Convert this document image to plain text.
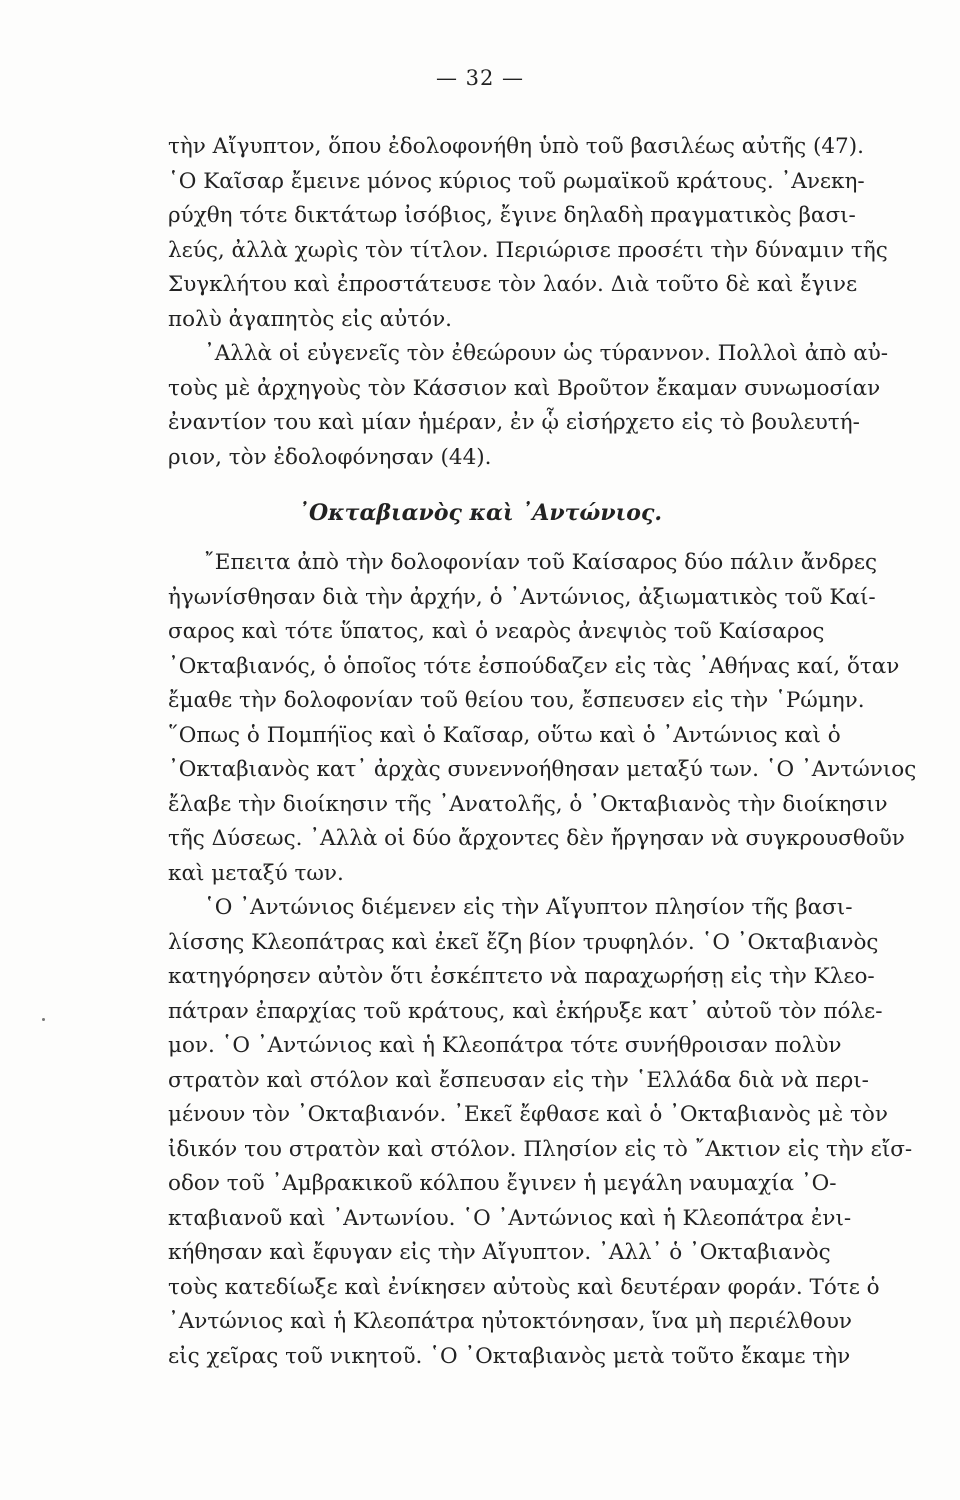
— 32 —
τὴν Αἴγυπτον, ὅπου ἐδολοφονήθη ὑπὸ τοῦ βασιλέως αὐτῆς (47).
῾Ο Καῖσαρ ἔμεινε μόνος κύριος τοῦ ρωμαϊκοῦ κράτους. ᾿Ανεκη-
ρύχθη τότε δικτάτωρ ἰσόβιος, ἔγινε δηλαδὴ πραγματικὸς βασι-
λεύς, ἀλλὰ χωρὶς τὸν τίτλον. Περιώρισε προσέτι τὴν δύναμιν τῆς
Συγκλήτου καὶ ἐπροστάτευσε τὸν λαόν. Διὰ τοῦτο δὲ καὶ ἔγινε
πολὺ ἀγαπητὸς εἰς αὐτόν.
᾿Αλλὰ οἱ εὐγενεῖς τὸν ἐθεώρουν ὡς τύραννον. Πολλοὶ ἀπὸ αὐ-
τοὺς μὲ ἀρχηγοὺς τὸν Κάσσιον καὶ Βροῦτον ἔκαμαν συνωμοσίαν
ἐναντίον του καὶ μίαν ἡμέραν, ἐν ᾧ εἰσήρχετο εἰς τὸ βουλευτή-
ριον, τὸν ἐδολοφόνησαν (44).
᾿Οκταβιανὸς καὶ ᾿Αντώνιος.
῎Επειτα ἀπὸ τὴν δολοφονίαν τοῦ Καίσαρος δύο πάλιν ἄνδρες
ἠγωνίσθησαν διὰ τὴν ἀρχήν, ὁ ᾿Αντώνιος, ἀξιωματικὸς τοῦ Καί-
σαρος καὶ τότε ὕπατος, καὶ ὁ νεαρὸς ἀνεψιὸς τοῦ Καίσαρος
᾿Οκταβιανός, ὁ ὁποῖος τότε ἐσπούδαζεν εἰς τὰς ᾿Αθήνας καί, ὅταν
ἔμαθε τὴν δολοφονίαν τοῦ θείου του, ἔσπευσεν εἰς τὴν ῾Ρώμην.
῞Οπως ὁ Πομπήϊος καὶ ὁ Καῖσαρ, οὕτω καὶ ὁ ᾿Αντώνιος καὶ ὁ
᾿Οκταβιανὸς κατ᾿ ἀρχὰς συνεννοήθησαν μεταξύ των. ῾Ο ᾿Αντώνιος
ἔλαβε τὴν διοίκησιν τῆς ᾿Ανατολῆς, ὁ ᾿Οκταβιανὸς τὴν διοίκησιν
τῆς Δύσεως. ᾿Αλλὰ οἱ δύο ἄρχοντες δὲν ἤργησαν νὰ συγκρουσθοῦν
καὶ μεταξύ των.
῾Ο ᾿Αντώνιος διέμενεν εἰς τὴν Αἴγυπτον πλησίον τῆς βασι-
λίσσης Κλεοπάτρας καὶ ἐκεῖ ἔζη βίον τρυφηλόν. ῾Ο ᾿Οκταβιανὸς
κατηγόρησεν αὐτὸν ὅτι ἐσκέπτετο νὰ παραχωρήσῃ εἰς τὴν Κλεο-
πάτραν ἐπαρχίας τοῦ κράτους, καὶ ἐκήρυξε κατ᾿ αὐτοῦ τὸν πόλε-
μον. ῾Ο ᾿Αντώνιος καὶ ἡ Κλεοπάτρα τότε συνήθροισαν πολὺν
στρατὸν καὶ στόλον καὶ ἔσπευσαν εἰς τὴν ῾Ελλάδα διὰ νὰ περι-
μένουν τὸν ᾿Οκταβιανόν. ᾿Εκεῖ ἔφθασε καὶ ὁ ᾿Οκταβιανὸς μὲ τὸν
ἰδικόν του στρατὸν καὶ στόλον. Πλησίον εἰς τὸ ῎Ακτιον εἰς τὴν εἴσ-
οδον τοῦ ᾿Αμβρακικοῦ κόλπου ἔγινεν ἡ μεγάλη ναυμαχία ᾿Ο-
κταβιανοῦ καὶ ᾿Αντωνίου. ῾Ο ᾿Αντώνιος καὶ ἡ Κλεοπάτρα ἐνι-
κήθησαν καὶ ἔφυγαν εἰς τὴν Αἴγυπτον. ᾿Αλλ᾿ ὁ ᾿Οκταβιανὸς
τοὺς κατεδίωξε καὶ ἐνίκησεν αὐτοὺς καὶ δευτέραν φοράν. Τότε ὁ
᾿Αντώνιος καὶ ἡ Κλεοπάτρα ηὐτοκτόνησαν, ἵνα μὴ περιέλθουν
εἰς χεῖρας τοῦ νικητοῦ. ῾Ο ᾿Οκταβιανὸς μετὰ τοῦτο ἔκαμε τὴν
